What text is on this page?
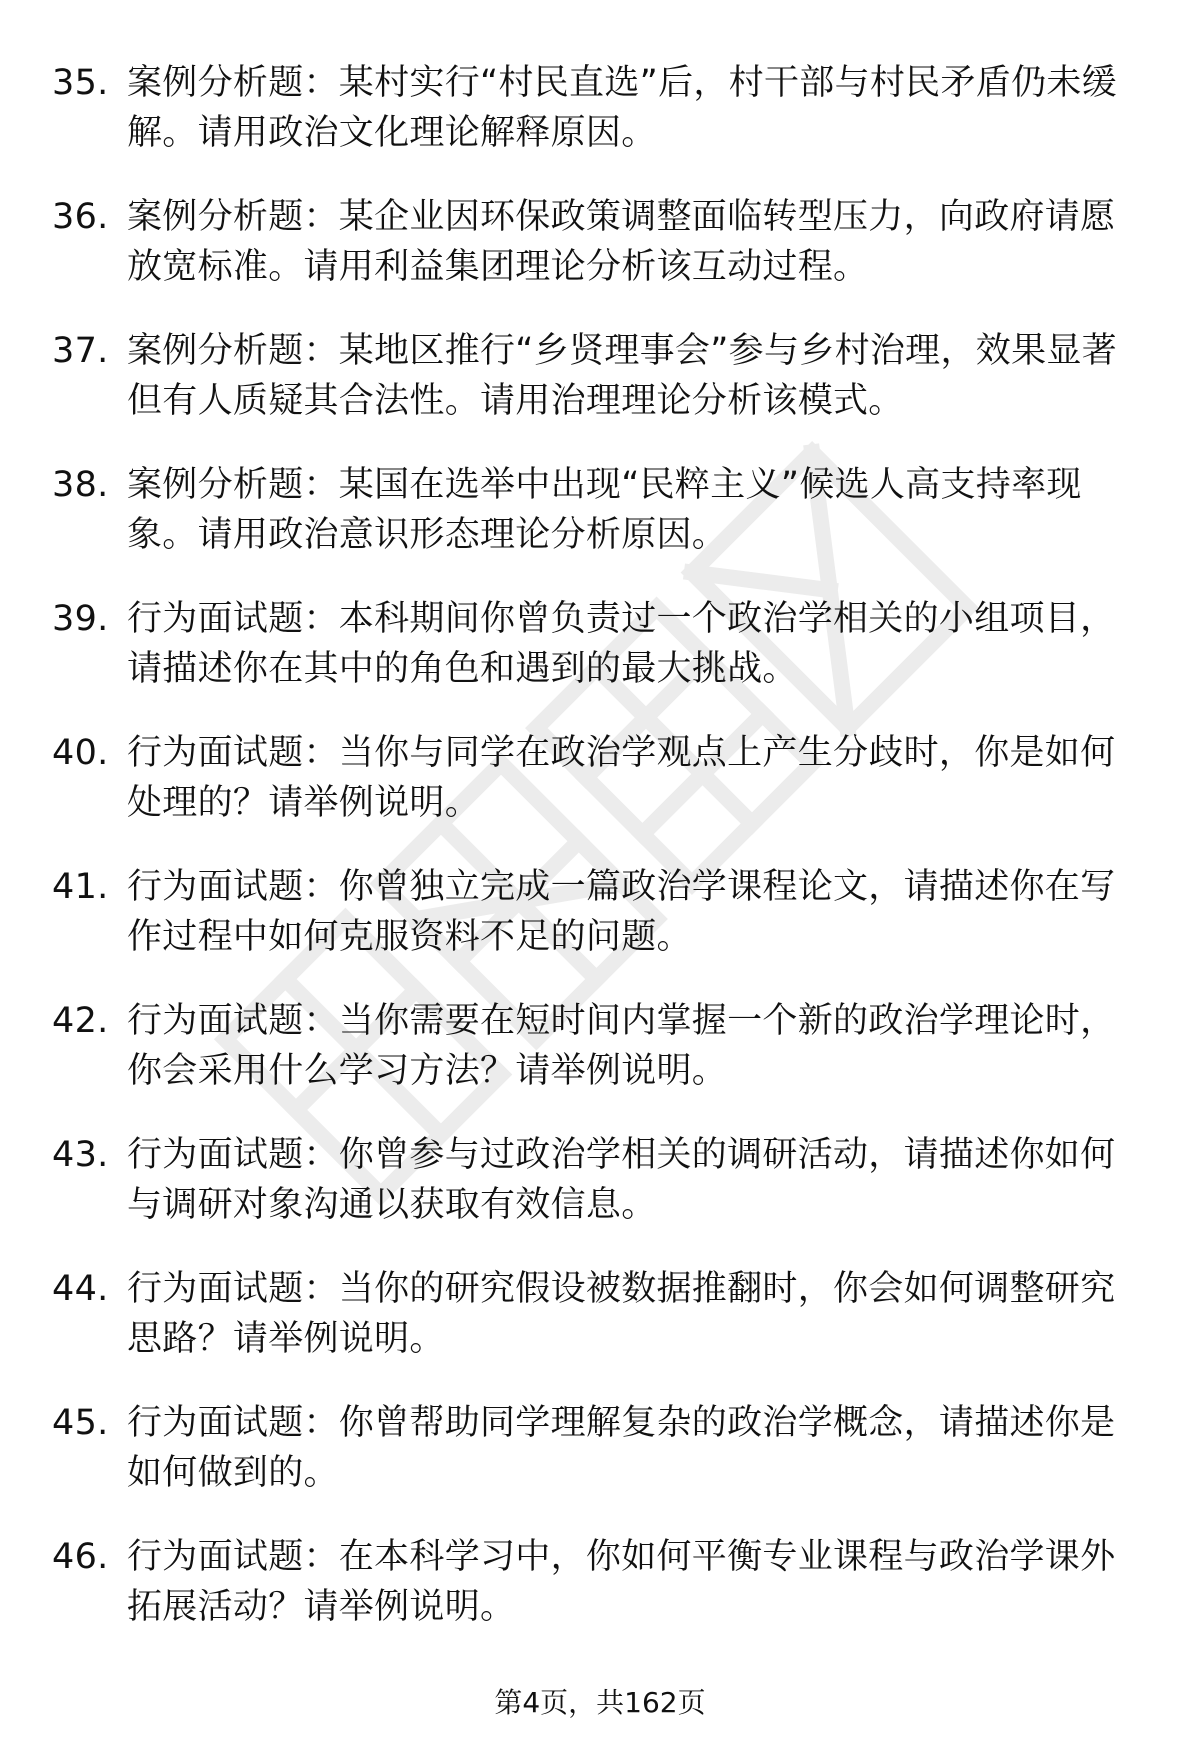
35. 案例分析题：某村实行“村民直选”后，村干部与村民矛盾仍未缓解。请用政治文化理论解释原因。
36. 案例分析题：某企业因环保政策调整面临转型压力，向政府请愿放宽标准。请用利益集团理论分析该互动过程。
37. 案例分析题：某地区推行“乡贤理事会”参与乡村治理，效果显著但有人质疑其合法性。请用治理理论分析该模式。
38. 案例分析题：某国在选举中出现“民粹主义”候选人高支持率现象。请用政治意识形态理论分析原因。
39. 行为面试题：本科期间你曾负责过一个政治学相关的小组项目，请描述你在其中的角色和遇到的最大挑战。
40. 行为面试题：当你与同学在政治学观点上产生分歧时，你是如何处理的？请举例说明。
41. 行为面试题：你曾独立完成一篇政治学课程论文，请描述你在写作过程中如何克服资料不足的问题。
42. 行为面试题：当你需要在短时间内掌握一个新的政治学理论时，你会采用什么学习方法？请举例说明。
43. 行为面试题：你曾参与过政治学相关的调研活动，请描述你如何与调研对象沟通以获取有效信息。
44. 行为面试题：当你的研究假设被数据推翻时，你会如何调整研究思路？请举例说明。
45. 行为面试题：你曾帮助同学理解复杂的政治学概念，请描述你是如何做到的。
46. 行为面试题：在本科学习中，你如何平衡专业课程与政治学课外拓展活动？请举例说明。
第4页，共162页
